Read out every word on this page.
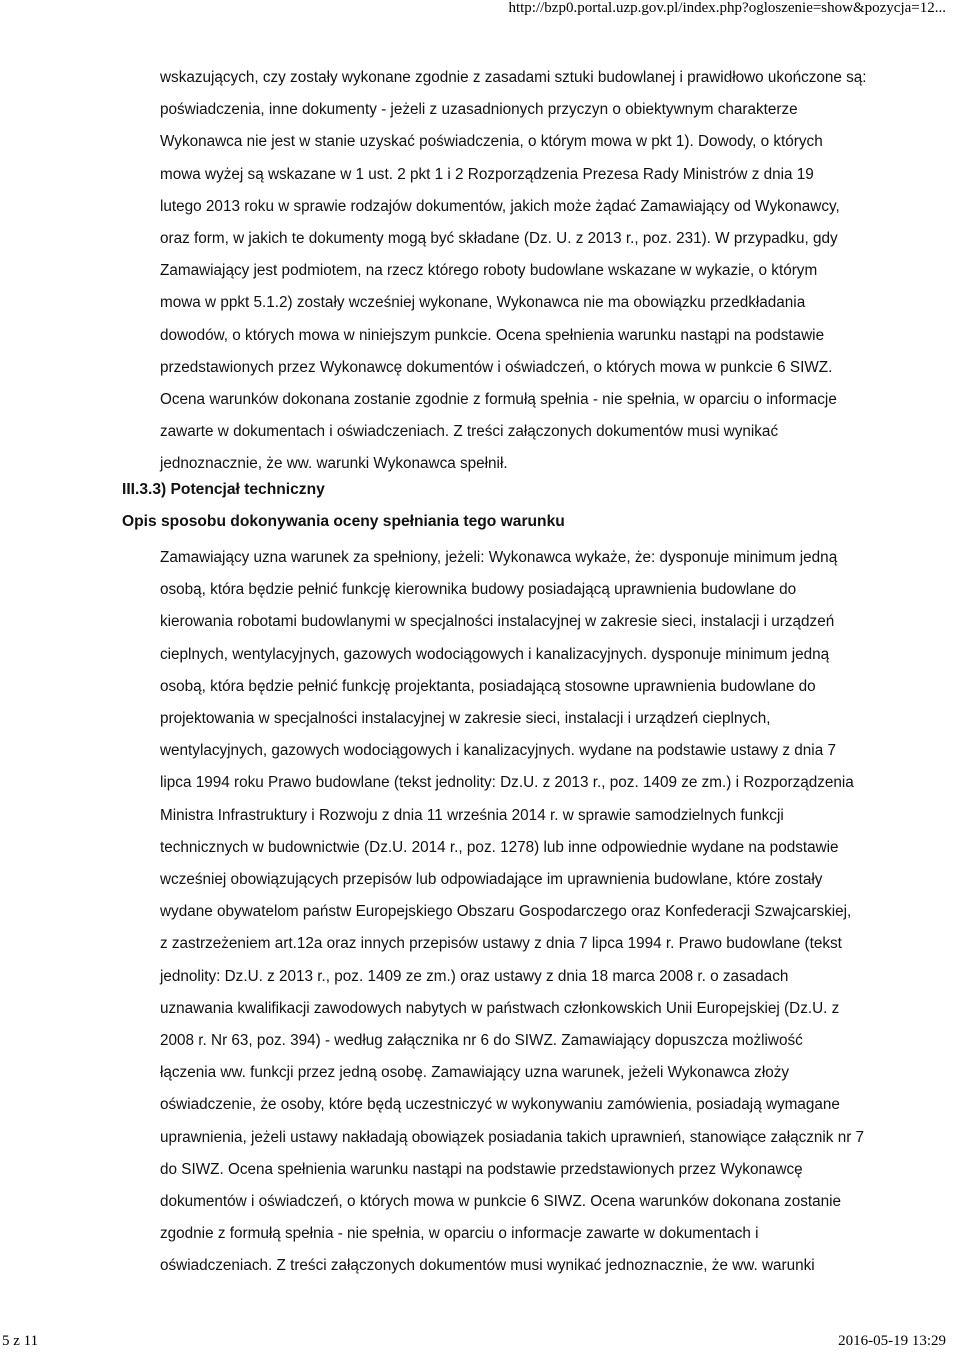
http://bzp0.portal.uzp.gov.pl/index.php?ogloszenie=show&pozycja=12...
wskazujących, czy zostały wykonane zgodnie z zasadami sztuki budowlanej i prawidłowo ukończone są:
poświadczenia, inne dokumenty - jeżeli z uzasadnionych przyczyn o obiektywnym charakterze
Wykonawca nie jest w stanie uzyskać poświadczenia, o którym mowa w pkt 1). Dowody, o których
mowa wyżej są wskazane w 1 ust. 2 pkt 1 i 2 Rozporządzenia Prezesa Rady Ministrów z dnia 19
lutego 2013 roku w sprawie rodzajów dokumentów, jakich może żądać Zamawiający od Wykonawcy,
oraz form, w jakich te dokumenty mogą być składane (Dz. U. z 2013 r., poz. 231). W przypadku, gdy
Zamawiający jest podmiotem, na rzecz którego roboty budowlane wskazane w wykazie, o którym
mowa w ppkt 5.1.2) zostały wcześniej wykonane, Wykonawca nie ma obowiązku przedkładania
dowodów, o których mowa w niniejszym punkcie. Ocena spełnienia warunku nastąpi na podstawie
przedstawionych przez Wykonawcę dokumentów i oświadczeń, o których mowa w punkcie 6 SIWZ.
Ocena warunków dokonana zostanie zgodnie z formułą spełnia - nie spełnia, w oparciu o informacje
zawarte w dokumentach i oświadczeniach. Z treści załączonych dokumentów musi wynikać
jednoznacznie, że ww. warunki Wykonawca spełnił.
III.3.3) Potencjał techniczny
Opis sposobu dokonywania oceny spełniania tego warunku
Zamawiający uzna warunek za spełniony, jeżeli: Wykonawca wykaże, że: dysponuje minimum jedną
osobą, która będzie pełnić funkcję kierownika budowy posiadającą uprawnienia budowlane do
kierowania robotami budowlanymi w specjalności instalacyjnej w zakresie sieci, instalacji i urządzeń
cieplnych, wentylacyjnych, gazowych wodociągowych i kanalizacyjnych. dysponuje minimum jedną
osobą, która będzie pełnić funkcję projektanta, posiadającą stosowne uprawnienia budowlane do
projektowania w specjalności instalacyjnej w zakresie sieci, instalacji i urządzeń cieplnych,
wentylacyjnych, gazowych wodociągowych i kanalizacyjnych. wydane na podstawie ustawy z dnia 7
lipca 1994 roku Prawo budowlane (tekst jednolity: Dz.U. z 2013 r., poz. 1409 ze zm.) i Rozporządzenia
Ministra Infrastruktury i Rozwoju z dnia 11 września 2014 r. w sprawie samodzielnych funkcji
technicznych w budownictwie (Dz.U. 2014 r., poz. 1278) lub inne odpowiednie wydane na podstawie
wcześniej obowiązujących przepisów lub odpowiadające im uprawnienia budowlane, które zostały
wydane obywatelom państw Europejskiego Obszaru Gospodarczego oraz Konfederacji Szwajcarskiej,
z zastrzeżeniem art.12a oraz innych przepisów ustawy z dnia 7 lipca 1994 r. Prawo budowlane (tekst
jednolity: Dz.U. z 2013 r., poz. 1409 ze zm.) oraz ustawy z dnia 18 marca 2008 r. o zasadach
uznawania kwalifikacji zawodowych nabytych w państwach członkowskich Unii Europejskiej (Dz.U. z
2008 r. Nr 63, poz. 394) - według załącznika nr 6 do SIWZ. Zamawiający dopuszcza możliwość
łączenia ww. funkcji przez jedną osobę. Zamawiający uzna warunek, jeżeli Wykonawca złoży
oświadczenie, że osoby, które będą uczestniczyć w wykonywaniu zamówienia, posiadają wymagane
uprawnienia, jeżeli ustawy nakładają obowiązek posiadania takich uprawnień, stanowiące załącznik nr 7
do SIWZ. Ocena spełnienia warunku nastąpi na podstawie przedstawionych przez Wykonawcę
dokumentów i oświadczeń, o których mowa w punkcie 6 SIWZ. Ocena warunków dokonana zostanie
zgodnie z formułą spełnia - nie spełnia, w oparciu o informacje zawarte w dokumentach i
oświadczeniach. Z treści załączonych dokumentów musi wynikać jednoznacznie, że ww. warunki
5 z 11	2016-05-19 13:29
